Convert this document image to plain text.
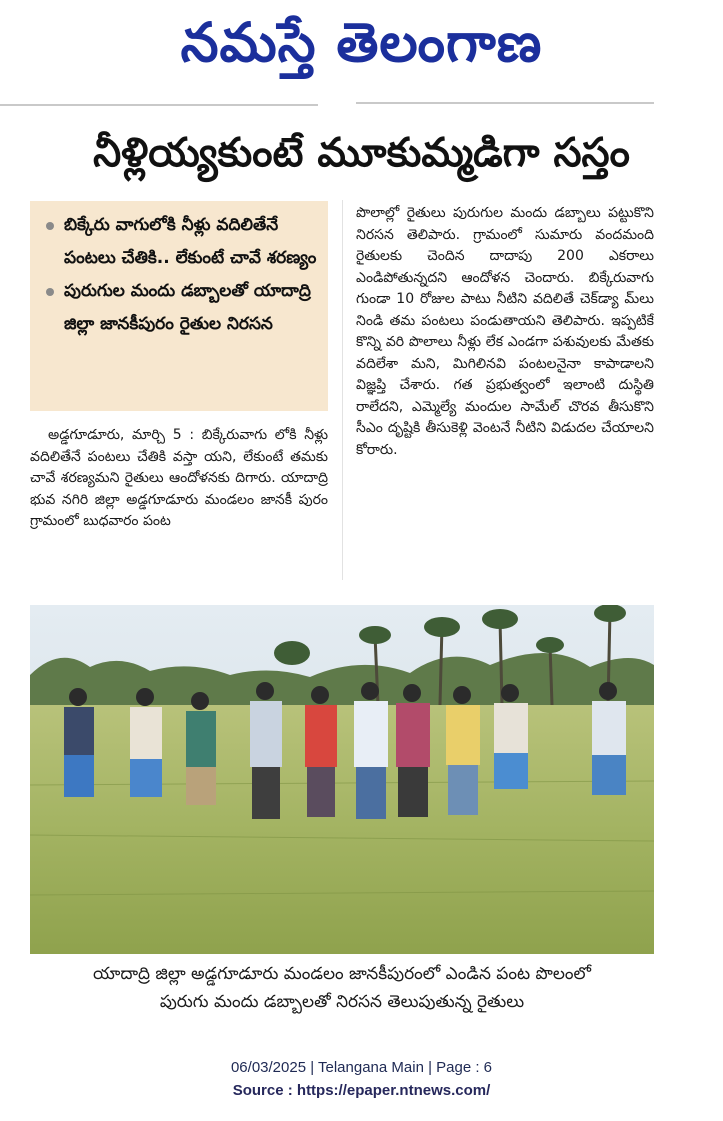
నమస్తే తెలంగాణ
నీళ్లియ్యకుంటే మూకుమ్మడిగా సస్తం
బిక్కేరు వాగులోకి నీళ్లు వదిలితేనే పంటలు చేతికి.. లేకుంటే చావే శరణ్యం
పురుగుల మందు డబ్బాలతో యాదాద్రి జిల్లా జానకీపురం రైతుల నిరసన

అడ్డగూడూరు, మార్చి 5 : బిక్కేరువాగు లోకి నీళ్లు వదిలితేనే పంటలు చేతికి వస్తా యని, లేకుంటే తమకు చావే శరణ్యమని రైతులు ఆందోళనకు దిగారు. యాదాద్రి భువ నగిరి జిల్లా అడ్డగూడూరు మండలం జానకీ పురం గ్రామంలో బుధవారం పంట

పొలాల్లో రైతులు పురుగుల మందు డబ్బాలు పట్టుకొని నిరసన తెలిపారు. గ్రామంలో సుమారు వందమంది రైతులకు చెందిన దాదాపు 200 ఎకరాలు ఎండిపోతున్నదని ఆందోళన చెందారు. బిక్కేరువాగు గుండా 10 రోజుల పాటు నీటిని వదిలితే చెక్‌డ్యా మ్‌లు నిండి తమ పంటలు పండుతాయని తెలిపారు. ఇప్పటికే కొన్ని వరి పొలాలు నీళ్లు లేక ఎండగా పశువులకు మేతకు వదిలేశా మని, మిగిలినవి పంటలనైనా కాపాడాలని విజ్ఞప్తి చేశారు. గత ప్రభుత్వంలో ఇలాంటి దుస్థితి రాలేదని, ఎమ్మెల్యే మందుల సామేల్ చొరవ తీసుకొని సీఎం దృష్టికి తీసుకెళ్లి వెంటనే నీటిని విడుదల చేయాలని కోరారు.

యాదాద్రి జిల్లా అడ్డగూడూరు మండలం జానకీపురంలో ఎండిన పంట పొలంలో
పురుగు మందు డబ్బాలతో నిరసన తెలుపుతున్న రైతులు
06/03/2025 | Telangana Main | Page : 6
Source : https://epaper.ntnews.com/
